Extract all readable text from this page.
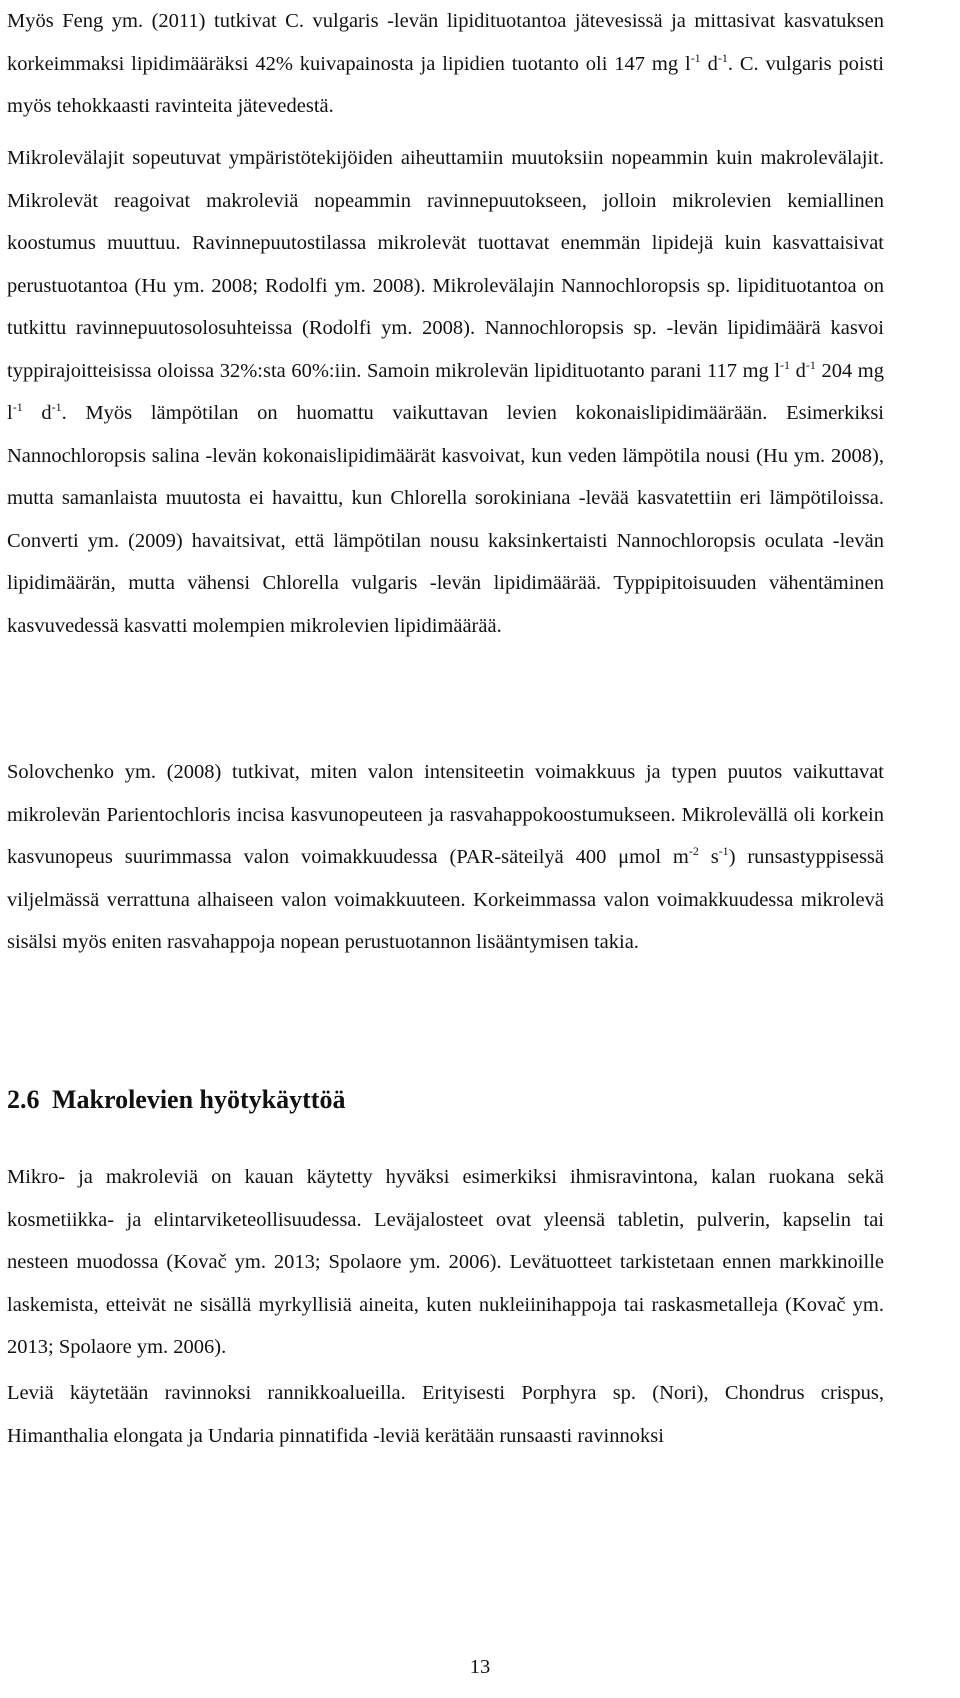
Myös Feng ym. (2011) tutkivat C. vulgaris -levän lipidituotantoa jätevesissä ja mittasivat kasvatuksen korkeimmaksi lipidimääräksi 42% kuivapainosta ja lipidien tuotanto oli 147 mg $l^{-1}$ $d^{-1}$. C. vulgaris poisti myös tehokkaasti ravinteita jätevedestä.

Mikrolevälajit sopeutuvat ympäristötekijöiden aiheuttamiin muutoksiin nopeammin kuin makrolevälajit. Mikrolevät reagoivat makroleviä nopeammin ravinnepuutokseen, jolloin mikrolevien kemiallinen koostumus muuttuu. Ravinnepuutostilassa mikrolevät tuottavat enemmän lipidejä kuin kasvattaisivat perustuotantoa (Hu ym. 2008; Rodolfi ym. 2008). Mikrolevälajin Nannochloropsis sp. lipidituotantoa on tutkittu ravinnepuutosolosuhteissa (Rodolfi ym. 2008). Nannochloropsis sp. -levän lipidimäärä kasvoi typpirajoitteisissa oloissa 32%:sta 60%:iin. Samoin mikrolevän lipidituotanto parani 117 mg $l^{-1}$ $d^{-1}$ 204 mg $l^{-1}$ $d^{-1}$. Myös lämpötilan on huomattu vaikuttavan levien kokonaislipidimäärään. Esimerkiksi Nannochloropsis salina -levän kokonaislipidimäärät kasvoivat, kun veden lämpötila nousi (Hu ym. 2008), mutta samanlaista muutosta ei havaittu, kun Chlorella sorokiniana -levää kasvatettiin eri lämpötiloissa. Converti ym. (2009) havaitsivat, että lämpötilan nousu kaksinkertaisti Nannochloropsis oculata -levän lipidimäärän, mutta vähensi Chlorella vulgaris -levän lipidimäärää. Typpipitoisuuden vähentäminen kasvuvedessä kasvatti molempien mikrolevien lipidimäärää.

Solovchenko ym. (2008) tutkivat, miten valon intensiteetin voimakkuus ja typen puutos vaikuttavat mikrolevän Parientochloris incisa kasvunopeuteen ja rasvahappokoostumukseen. Mikrolevällä oli korkein kasvunopeus suurimmassa valon voimakkuudessa (PAR-säteilyä 400 μmol $m^{-2}$ $s^{-1}$) runsastyppisessä viljelmässä verrattuna alhaiseen valon voimakkuuteen. Korkeimmassa valon voimakkuudessa mikrolevä sisälsi myös eniten rasvahappoja nopean perustuotannon lisääntymisen takia.

2.6 Makrolevien hyötykäyttöä

Mikro- ja makroleviä on kauan käytetty hyväksi esimerkiksi ihmisravintona, kalan ruokana sekä kosmetiikka- ja elintarviketeollisuudessa. Leväjalosteet ovat yleensä tabletin, pulverin, kapselin tai nesteen muodossa (Kovač ym. 2013; Spolaore ym. 2006). Levätuotteet tarkistetaan ennen markkinoille laskemista, etteivät ne sisällä myrkyllisiä aineita, kuten nukleiinihappoja tai raskasmetalleja (Kovač ym. 2013; Spolaore ym. 2006).

Leviä käytetään ravinnoksi rannikkoalueilla. Erityisesti Porphyra sp. (Nori), Chondrus crispus, Himanthalia elongata ja Undaria pinnatifida -leviä kerätään runsaasti ravinnoksi

13
